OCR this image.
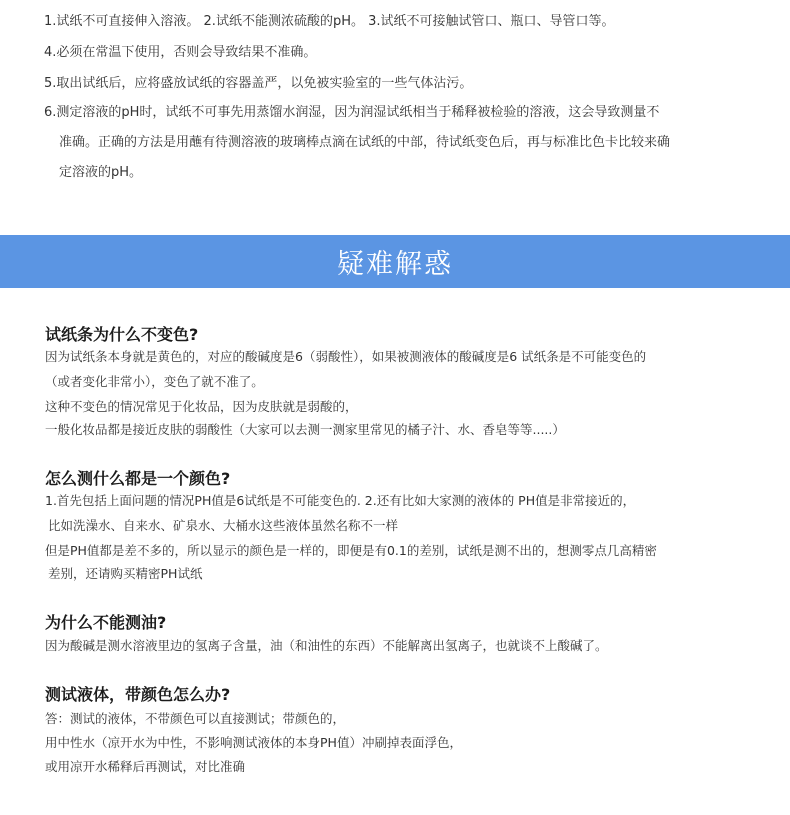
1.试纸不可直接伸入溶液。 2.试纸不能测浓硫酸的pH。 3.试纸不可接触试管口、瓶口、导管口等。
4.必须在常温下使用，否则会导致结果不准确。
5.取出试纸后，应将盛放试纸的容器盖严，以免被实验室的一些气体沾污。
6.测定溶液的pH时，试纸不可事先用蒸馏水润湿，因为润湿试纸相当于稀释被检验的溶液，这会导致测量不
准确。正确的方法是用蘸有待测溶液的玻璃棒点滴在试纸的中部，待试纸变色后，再与标准比色卡比较来确
定溶液的pH。
疑难解惑
试纸条为什么不变色?
因为试纸条本身就是黄色的，对应的酸碱度是6（弱酸性），如果被测液体的酸碱度是6 试纸条是不可能变色的
（或者变化非常小），变色了就不准了。
这种不变色的情况常见于化妆品，因为皮肤就是弱酸的，
一般化妆品都是接近皮肤的弱酸性（大家可以去测一测家里常见的橘子汁、水、香皂等等.....）
怎么测什么都是一个颜色?
1.首先包括上面问题的情况PH值是6试纸是不可能变色的. 2.还有比如大家测的液体的 PH值是非常接近的，
比如洗澡水、自来水、矿泉水、大桶水这些液体虽然名称不一样
但是PH值都是差不多的，所以显示的颜色是一样的，即便是有0.1的差别，试纸是测不出的，想测零点几高精密
差别，还请购买精密PH试纸
为什么不能测油?
因为酸碱是测水溶液里边的氢离子含量，油（和油性的东西）不能解离出氢离子，也就谈不上酸碱了。
测试液体，带颜色怎么办?
答：测试的液体，不带颜色可以直接测试；带颜色的，
用中性水（凉开水为中性，不影响测试液体的本身PH值）冲刷掉表面浮色，
或用凉开水稀释后再测试，对比准确
